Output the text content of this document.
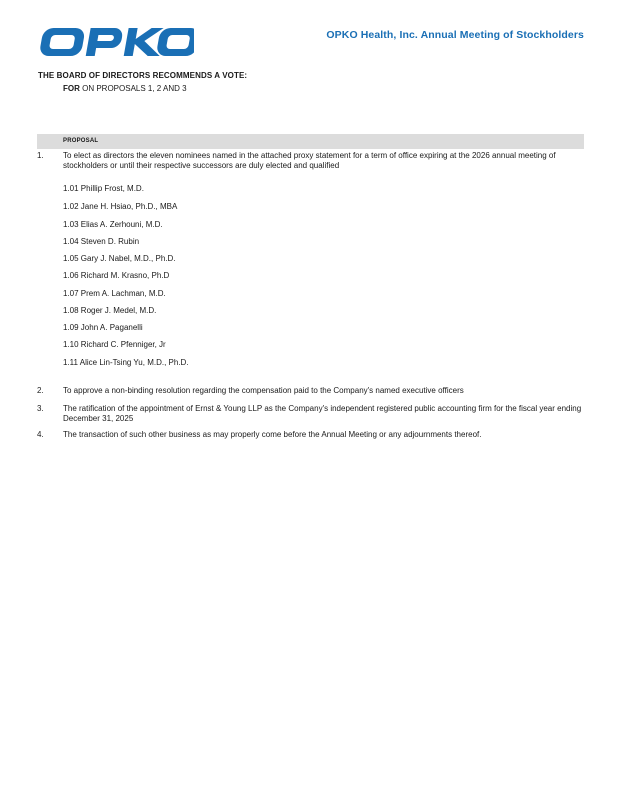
OPKO Health, Inc. Annual Meeting of Stockholders
THE BOARD OF DIRECTORS RECOMMENDS A VOTE:
FOR ON PROPOSALS 1, 2 AND 3
PROPOSAL
1. To elect as directors the eleven nominees named in the attached proxy statement for a term of office expiring at the 2026 annual meeting of stockholders or until their respective successors are duly elected and qualified
1.01 Phillip Frost, M.D.
1.02 Jane H. Hsiao, Ph.D., MBA
1.03 Elias A. Zerhouni, M.D.
1.04 Steven D. Rubin
1.05 Gary J. Nabel, M.D., Ph.D.
1.06 Richard M. Krasno, Ph.D
1.07 Prem A. Lachman, M.D.
1.08 Roger J. Medel, M.D.
1.09 John A. Paganelli
1.10 Richard C. Pfenniger, Jr
1.11 Alice Lin-Tsing Yu, M.D., Ph.D.
2. To approve a non-binding resolution regarding the compensation paid to the Company's named executive officers
3. The ratification of the appointment of Ernst & Young LLP as the Company's independent registered public accounting firm for the fiscal year ending December 31, 2025
4. The transaction of such other business as may properly come before the Annual Meeting or any adjournments thereof.
